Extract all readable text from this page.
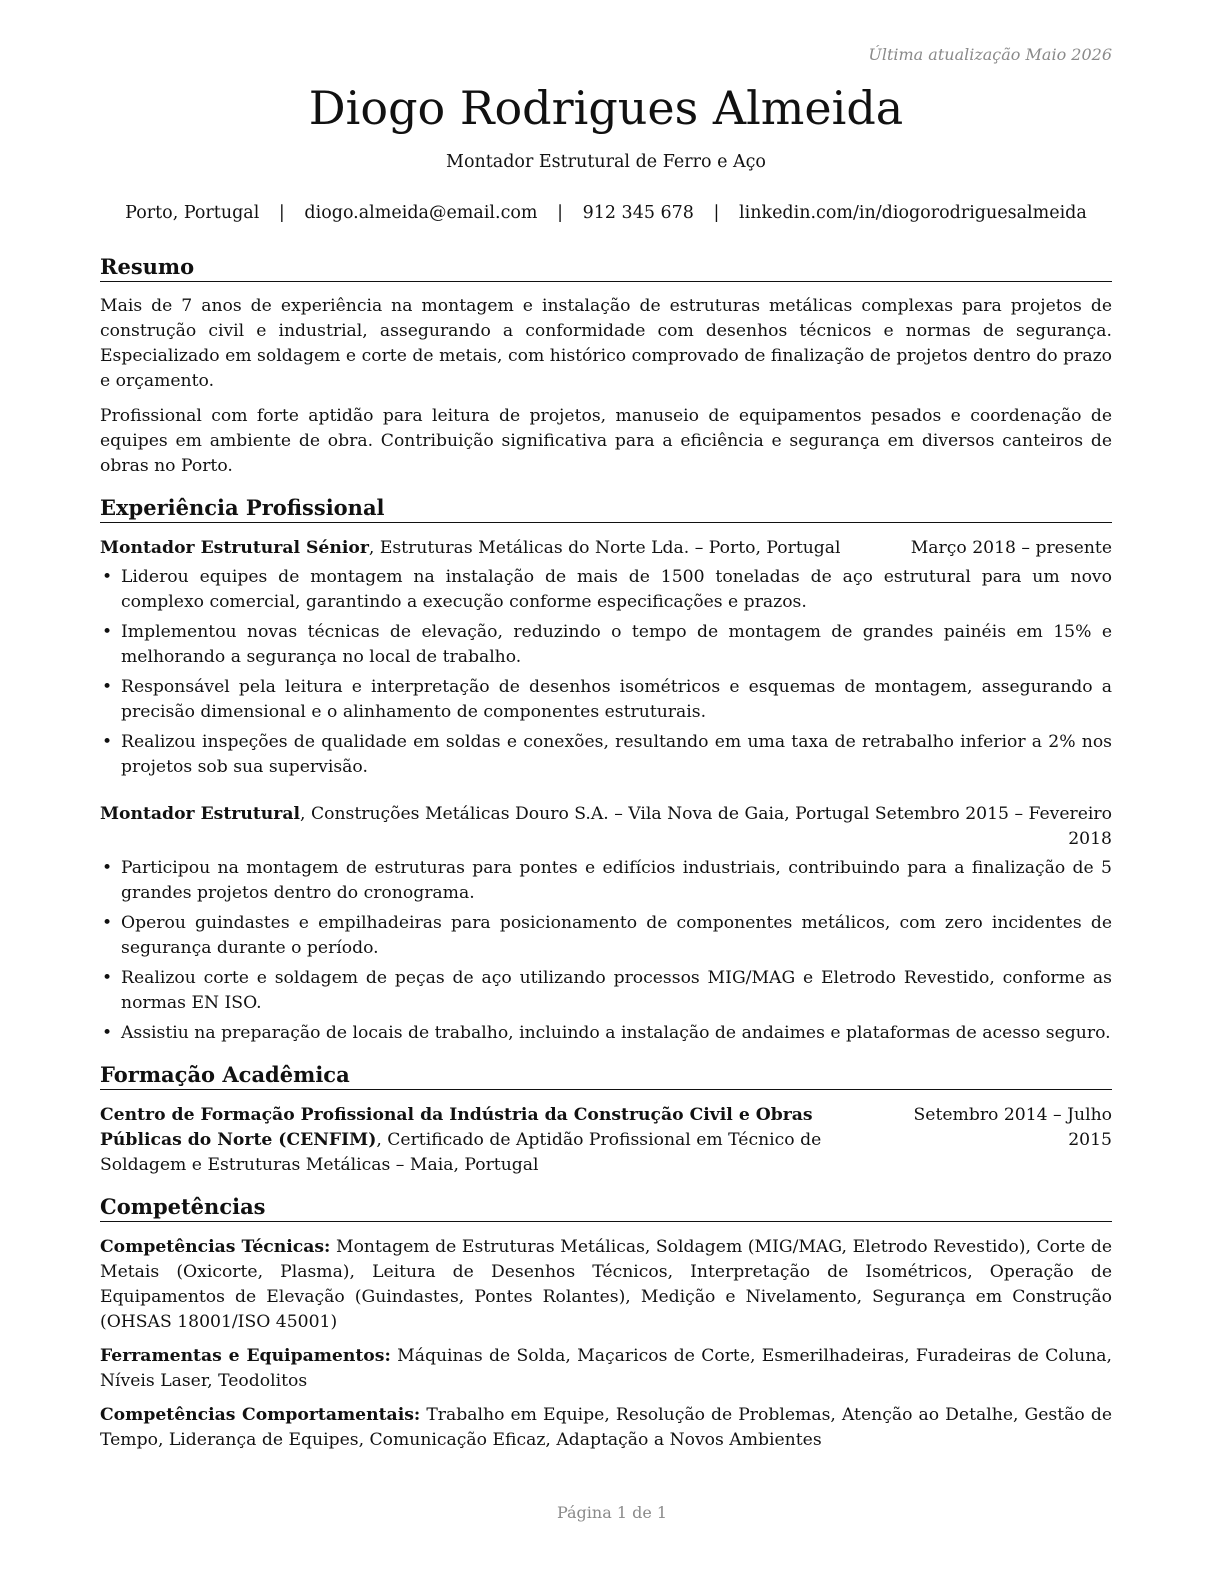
Última atualização Maio 2026
Diogo Rodrigues Almeida
Montador Estrutural de Ferro e Aço
Porto, Portugal | diogo.almeida@email.com | 912 345 678 | linkedin.com/in/diogorodriguesalmeida
Resumo
Mais de 7 anos de experiência na montagem e instalação de estruturas metálicas complexas para projetos de construção civil e industrial, assegurando a conformidade com desenhos técnicos e normas de segurança. Especializado em soldagem e corte de metais, com histórico comprovado de finalização de projetos dentro do prazo e orçamento.
Profissional com forte aptidão para leitura de projetos, manuseio de equipamentos pesados e coordenação de equipes em ambiente de obra. Contribuição significativa para a eficiência e segurança em diversos canteiros de obras no Porto.
Experiência Profissional
Montador Estrutural Sénior, Estruturas Metálicas do Norte Lda. – Porto, Portugal	Março 2018 – presente
• Liderou equipes de montagem na instalação de mais de 1500 toneladas de aço estrutural para um novo complexo comercial, garantindo a execução conforme especificações e prazos.
• Implementou novas técnicas de elevação, reduzindo o tempo de montagem de grandes painéis em 15% e melhorando a segurança no local de trabalho.
• Responsável pela leitura e interpretação de desenhos isométricos e esquemas de montagem, assegurando a precisão dimensional e o alinhamento de componentes estruturais.
• Realizou inspeções de qualidade em soldas e conexões, resultando em uma taxa de retrabalho inferior a 2% nos projetos sob sua supervisão.
Montador Estrutural, Construções Metálicas Douro S.A. – Vila Nova de Gaia, Portugal Setembro 2015 – Fevereiro 2018
• Participou na montagem de estruturas para pontes e edifícios industriais, contribuindo para a finalização de 5 grandes projetos dentro do cronograma.
• Operou guindastes e empilhadeiras para posicionamento de componentes metálicos, com zero incidentes de segurança durante o período.
• Realizou corte e soldagem de peças de aço utilizando processos MIG/MAG e Eletrodo Revestido, conforme as normas EN ISO.
• Assistiu na preparação de locais de trabalho, incluindo a instalação de andaimes e plataformas de acesso seguro.
Formação Acadêmica
Centro de Formação Profissional da Indústria da Construção Civil e Obras Públicas do Norte (CENFIM), Certificado de Aptidão Profissional em Técnico de Soldagem e Estruturas Metálicas – Maia, Portugal
Setembro 2014 – Julho 2015
Competências
Competências Técnicas: Montagem de Estruturas Metálicas, Soldagem (MIG/MAG, Eletrodo Revestido), Corte de Metais (Oxicorte, Plasma), Leitura de Desenhos Técnicos, Interpretação de Isométricos, Operação de Equipamentos de Elevação (Guindastes, Pontes Rolantes), Medição e Nivelamento, Segurança em Construção (OHSAS 18001/ISO 45001)
Ferramentas e Equipamentos: Máquinas de Solda, Maçaricos de Corte, Esmerilhadeiras, Furadeiras de Coluna, Níveis Laser, Teodolitos
Competências Comportamentais: Trabalho em Equipe, Resolução de Problemas, Atenção ao Detalhe, Gestão de Tempo, Liderança de Equipes, Comunicação Eficaz, Adaptação a Novos Ambientes
Página 1 de 1
